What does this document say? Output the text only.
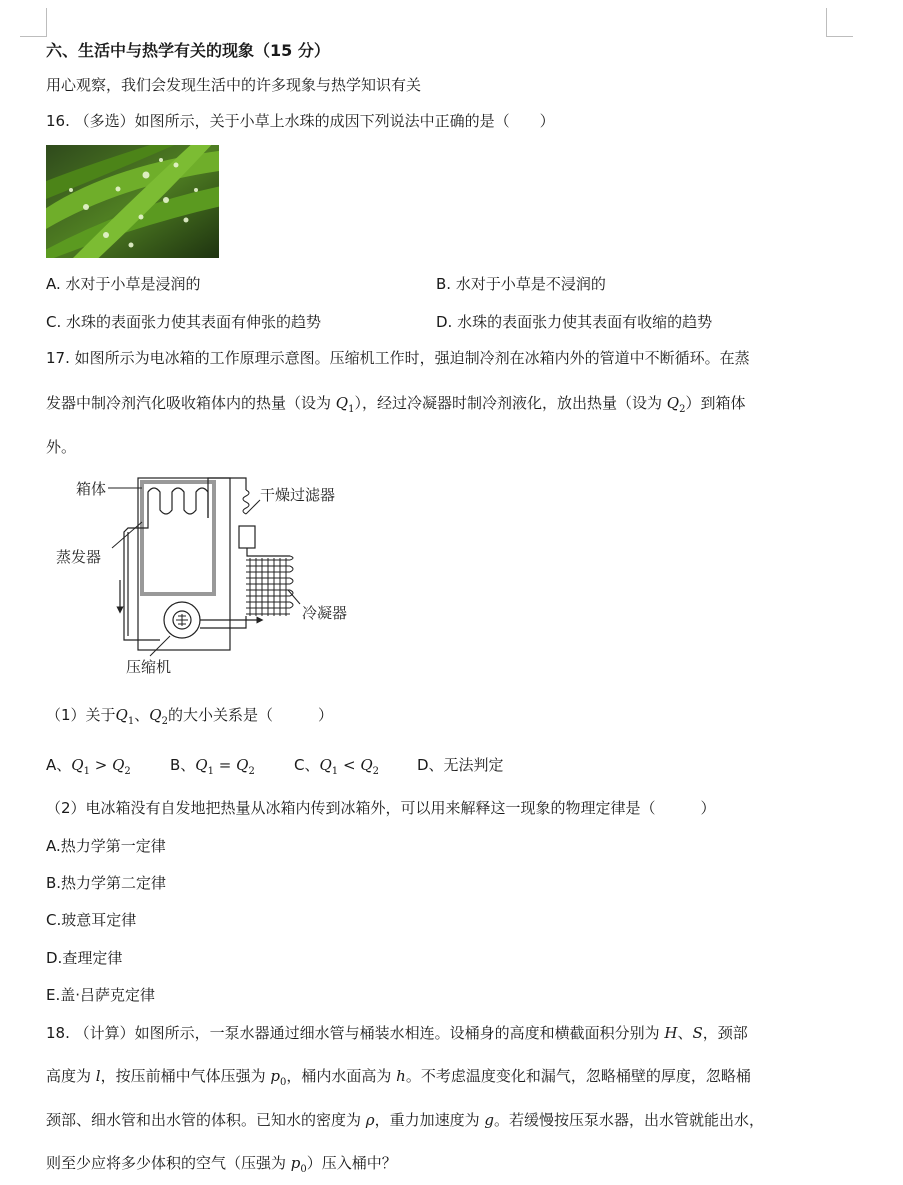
六、生活中与热学有关的现象（15 分）
用心观察，我们会发现生活中的许多现象与热学知识有关
16. （多选）如图所示，关于小草上水珠的成因下列说法中正确的是（　　）
A. 水对于小草是浸润的	B. 水对于小草是不浸润的
C. 水珠的表面张力使其表面有伸张的趋势	D. 水珠的表面张力使其表面有收缩的趋势
17. 如图所示为电冰箱的工作原理示意图。压缩机工作时，强迫制冷剂在冰箱内外的管道中不断循环。在蒸
发器中制冷剂汽化吸收箱体内的热量（设为 $Q_1$），经过冷凝器时制冷剂液化，放出热量（设为 $Q_2$）到箱体
外。
箱体	干燥过滤器
蒸发器
冷凝器
压缩机
（1）关于$Q_1$、$Q_2$的大小关系是（　　　）
A、$Q_1 > Q_2$	B、$Q_1 = Q_2$	C、$Q_1 < Q_2$	D、无法判定
（2）电冰箱没有自发地把热量从冰箱内传到冰箱外，可以用来解释这一现象的物理定律是（　　　）
A.热力学第一定律
B.热力学第二定律
C.玻意耳定律
D.查理定律
E.盖·吕萨克定律
18. （计算）如图所示，一泵水器通过细水管与桶装水相连。设桶身的高度和横截面积分别为 H、S，颈部
高度为 l，按压前桶中气体压强为 $p_0$，桶内水面高为 h。不考虑温度变化和漏气，忽略桶壁的厚度，忽略桶
颈部、细水管和出水管的体积。已知水的密度为 ρ，重力加速度为 g。若缓慢按压泵水器，出水管就能出水，
则至少应将多少体积的空气（压强为 $p_0$）压入桶中？
